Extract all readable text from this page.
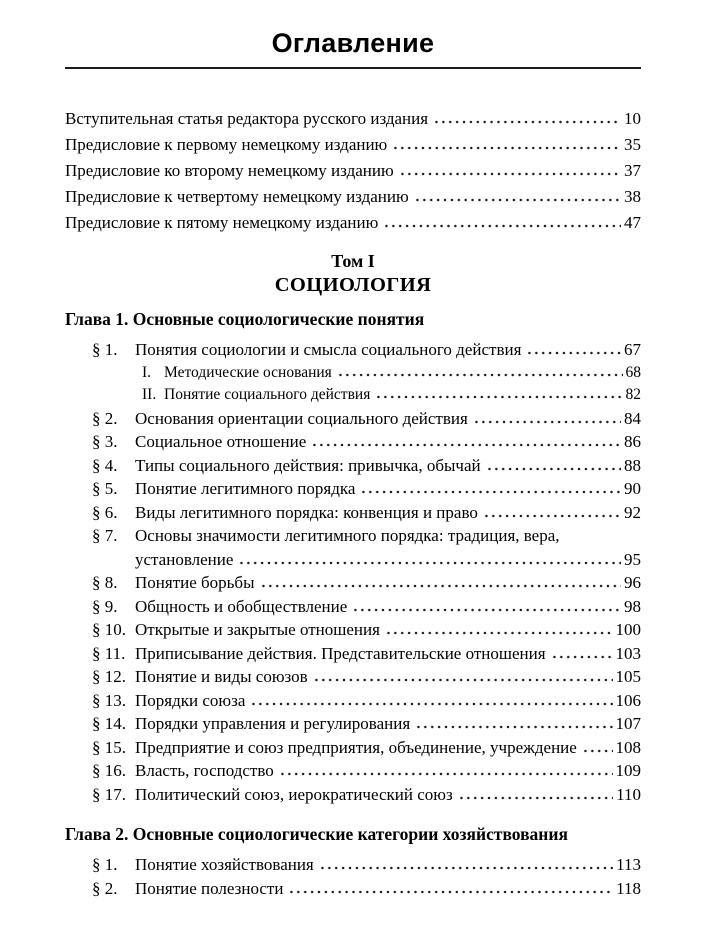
Оглавление
Вступительная статья редактора русского издания	10
Предисловие к первому немецкому изданию	35
Предисловие ко второму немецкому изданию	37
Предисловие к четвертому немецкому изданию	38
Предисловие к пятому немецкому изданию	47
Том I
СОЦИОЛОГИЯ
Глава 1. Основные социологические понятия
§ 1.	Понятия социологии и смысла социального действия	67
I. Методические основания	68
II. Понятие социального действия	82
§ 2.	Основания ориентации социального действия	84
§ 3.	Социальное отношение	86
§ 4.	Типы социального действия: привычка, обычай	88
§ 5.	Понятие легитимного порядка	90
§ 6.	Виды легитимного порядка: конвенция и право	92
§ 7.	Основы значимости легитимного порядка: традиция, вера,
установление	95
§ 8.	Понятие борьбы	96
§ 9.	Общность и обобществление	98
§ 10. Открытые и закрытые отношения	100
§ 11. Приписывание действия. Представительские отношения	103
§ 12. Понятие и виды союзов	105
§ 13. Порядки союза	106
§ 14. Порядки управления и регулирования	107
§ 15. Предприятие и союз предприятия, объединение, учреждение 108
§ 16. Власть, господство	109
§ 17. Политический союз, иерократический союз	110
Глава 2. Основные социологические категории хозяйствования
§ 1.	Понятие хозяйствования	113
§ 2.	Понятие полезности	118
